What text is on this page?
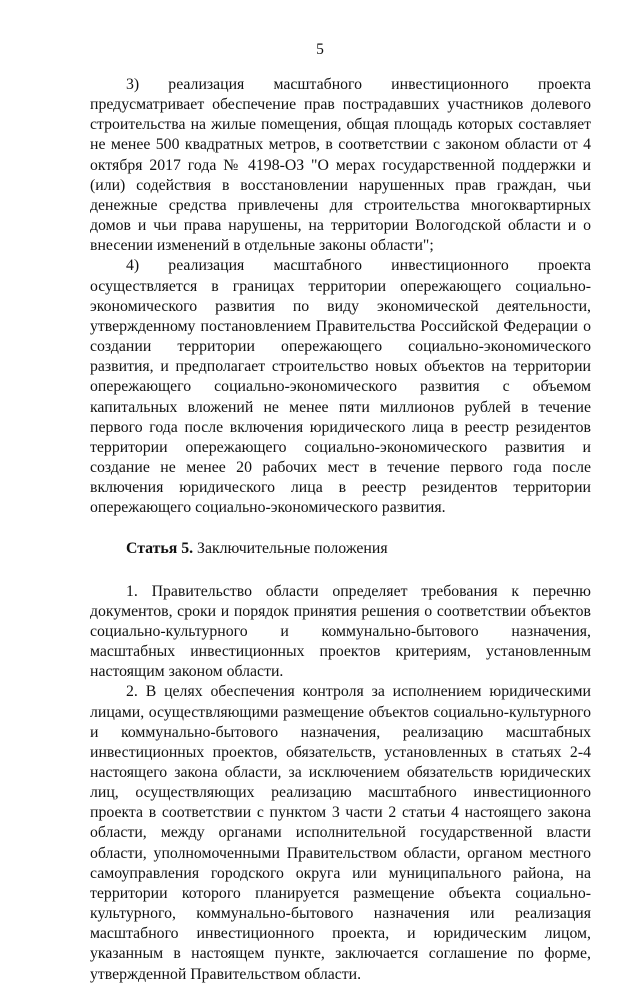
5

3) реализация масштабного инвестиционного проекта предусматривает обеспечение прав пострадавших участников долевого строительства на жилые помещения, общая площадь которых составляет не менее 500 квадратных метров, в соответствии с законом области от 4 октября 2017 года № 4198-ОЗ "О мерах государственной поддержки и (или) содействия в восстановлении нарушенных прав граждан, чьи денежные средства привлечены для строительства многоквартирных домов и чьи права нарушены, на территории Вологодской области и о внесении изменений в отдельные законы области";

4) реализация масштабного инвестиционного проекта осуществляется в границах территории опережающего социально-экономического развития по виду экономической деятельности, утвержденному постановлением Правительства Российской Федерации о создании территории опережающего социально-экономического развития, и предполагает строительство новых объектов на территории опережающего социально-экономического развития с объемом капитальных вложений не менее пяти миллионов рублей в течение первого года после включения юридического лица в реестр резидентов территории опережающего социально-экономического развития и создание не менее 20 рабочих мест в течение первого года после включения юридического лица в реестр резидентов территории опережающего социально-экономического развития.

Статья 5. Заключительные положения

1. Правительство области определяет требования к перечню документов, сроки и порядок принятия решения о соответствии объектов социально-культурного и коммунально-бытового назначения, масштабных инвестиционных проектов критериям, установленным настоящим законом области.

2. В целях обеспечения контроля за исполнением юридическими лицами, осуществляющими размещение объектов социально-культурного и коммунально-бытового назначения, реализацию масштабных инвестиционных проектов, обязательств, установленных в статьях 2-4 настоящего закона области, за исключением обязательств юридических лиц, осуществляющих реализацию масштабного инвестиционного проекта в соответствии с пунктом 3 части 2 статьи 4 настоящего закона области, между органами исполнительной государственной власти области, уполномоченными Правительством области, органом местного самоуправления городского округа или муниципального района, на территории которого планируется размещение объекта социально-культурного, коммунально-бытового назначения или реализация масштабного инвестиционного проекта, и юридическим лицом, указанным в настоящем пункте, заключается соглашение по форме, утвержденной Правительством области.
